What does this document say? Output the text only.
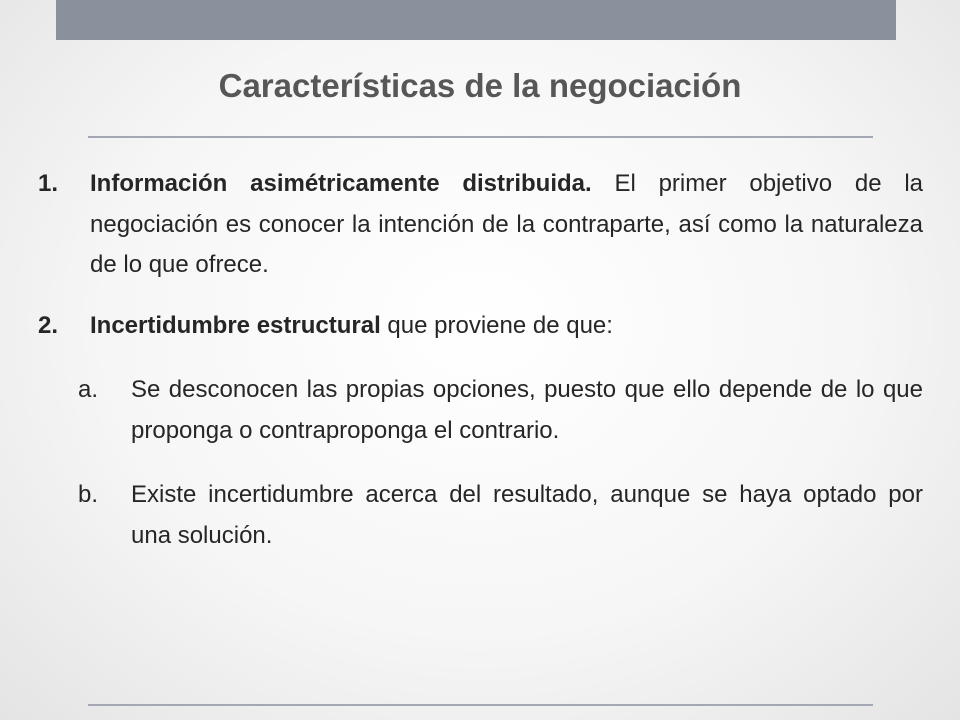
Características de la negociación
1.	Información asimétricamente distribuida. El primer objetivo de la negociación es conocer la intención de la contraparte, así como la naturaleza de lo que ofrece.
2.	Incertidumbre estructural que proviene de que:
a.	Se desconocen las propias opciones, puesto que ello depende de lo que proponga o contraproponga el contrario.
b.	Existe incertidumbre acerca del resultado, aunque se haya optado por una solución.
